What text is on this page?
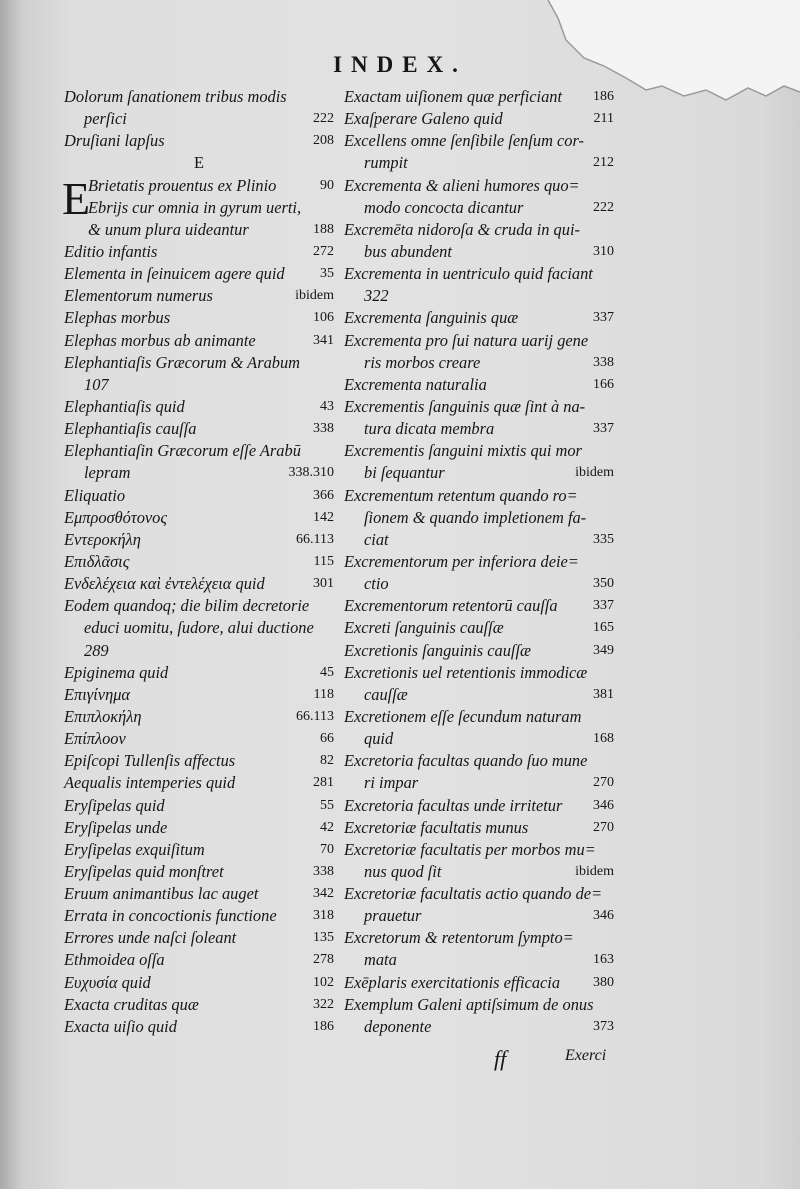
INDEX.
Dolorum ſanationem tribus modis
perſici	222
Druſiani lapſus	208
E
E
Brietatis prouentus ex Plinio	90
Ebrijs cur omnia in gyrum uerti,
& unum plura uideantur	188
Editio infantis	272
Elementa in ſeinuicem agere quid	35
Elementorum numerus	ibidem
Elephas morbus	106
Elephas morbus ab animante	341
Elephantiaſis Græcorum & Arabum
107
Elephantiaſis quid	43
Elephantiaſis cauſſa	338
Elephantiaſin Græcorum eſſe Arabū
lepram	338.310
Eliquatio	366
Εμπροσθότονος	142
Εντεροκήλη	66.113
Επιδλᾶσις	115
Ενδελέχεια καὶ ἐντελέχεια quid	301
Eodem quandoq; die bilim decretorie
educi uomitu, ſudore, alui ductione
289
Epiginema quid	45
Επιγίνημα	118
Επιπλοκήλη	66.113
Επίπλοον	66
Epiſcopi Tullenſis affectus	82
Aequalis intemperies quid	281
Eryſipelas quid	55
Eryſipelas unde	42
Eryſipelas exquiſitum	70
Eryſipelas quid monſtret	338
Eruum animantibus lac auget	342
Errata in concoctionis functione	318
Errores unde naſci ſoleant	135
Ethmoidea oſſa	278
Ευχυσία quid	102
Exacta cruditas quæ	322
Exacta uiſio quid	186
Exactam uiſionem quæ perficiant 186
Exaſperare Galeno quid	211
Excellens omne ſenſibile ſenſum cor-
rumpit	212
Excrementa & alieni humores quo=
modo concocta dicantur	222
Excremēta nidoroſa & cruda in qui-
bus abundent	310
Excrementa in uentriculo quid faciant
322
Excrementa ſanguinis quæ	337
Excrementa pro ſui natura uarij gene
ris morbos creare	338
Excrementa naturalia	166
Excrementis ſanguinis quæ ſint à na-
tura dicata membra	337
Excrementis ſanguini mixtis qui mor
bi ſequantur	ibidem
Excrementum retentum quando ro=
ſionem & quando impletionem fa-
ciat	335
Excrementorum per inferiora deie=
ctio	350
Excrementorum retentorū cauſſa	337
Excreti ſanguinis cauſſæ	165
Excretionis ſanguinis cauſſæ	349
Excretionis uel retentionis immodicæ
cauſſæ	381
Excretionem eſſe ſecundum naturam
quid	168
Excretoria facultas quando ſuo mune
ri impar	270
Excretoria facultas unde irritetur 346
Excretoriæ facultatis munus	270
Excretoriæ facultatis per morbos mu=
nus quod ſit	ibidem
Excretoriæ facultatis actio quando de=
prauetur	346
Excretorum & retentorum ſympto=
mata	163
Exēplaris exercitationis efficacia 380
Exemplum Galeni aptiſsimum de onus
deponente	373
ff	Exerci
